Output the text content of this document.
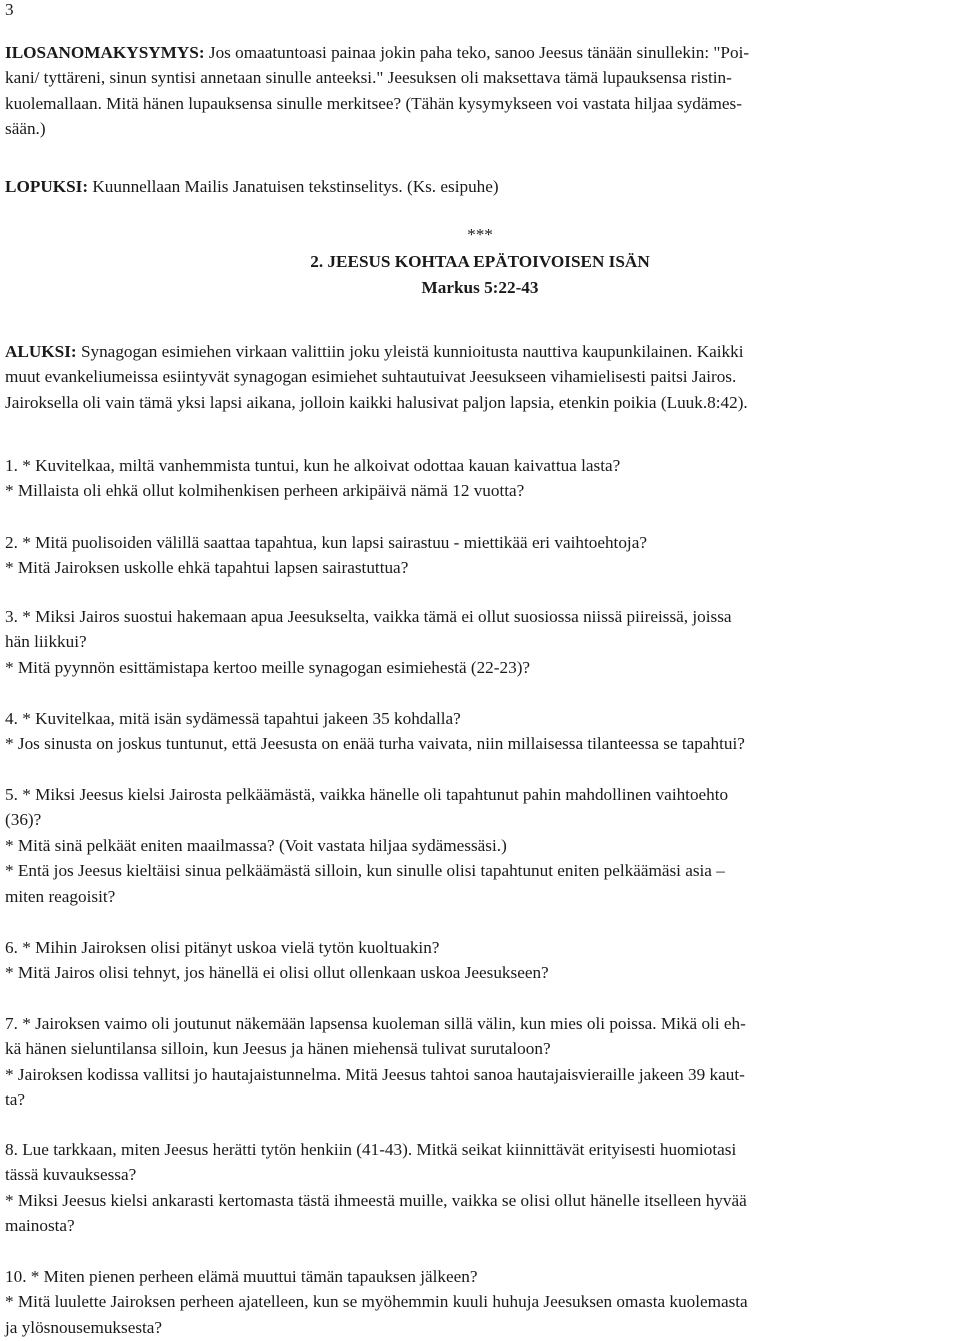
3
ILOSANOMAKYSYMYS: Jos omaatuntoasi painaa jokin paha teko, sanoo Jeesus tänään sinullekin: "Poi-
kani/ tyttäreni, sinun syntisi annetaan sinulle anteeksi." Jeesuksen oli maksettava tämä lupauksensa ristin-
kuolemallaan. Mitä hänen lupauksensa sinulle merkitsee? (Tähän kysymykseen voi vastata hiljaa sydämes-
sään.)
LOPUKSI: Kuunnellaan Mailis Janatuisen tekstinselitys. (Ks. esipuhe)
***
2. JEESUS KOHTAA EPÄTOIVOISEN ISÄN
Markus 5:22-43
ALUKSI: Synagogan esimiehen virkaan valittiin joku yleistä kunnioitusta nauttiva kaupunkilainen. Kaikki
muut evankeliumeissa esiintyvät synagogan esimiehet suhtautuivat Jeesukseen vihamielisesti paitsi Jairos.
Jairoksella oli vain tämä yksi lapsi aikana, jolloin kaikki halusivat paljon lapsia, etenkin poikia (Luuk.8:42).
1. * Kuvitelkaa, miltä vanhemmista tuntui, kun he alkoivat odottaa kauan kaivattua lasta?
* Millaista oli ehkä ollut kolmihenkisen perheen arkipäivä nämä 12 vuotta?
2. * Mitä puolisoiden välillä saattaa tapahtua, kun lapsi sairastuu - miettikää eri vaihtoehtoja?
* Mitä Jairoksen uskolle ehkä tapahtui lapsen sairastuttua?
3. * Miksi Jairos suostui hakemaan apua Jeesukselta, vaikka tämä ei ollut suosiossa niissä piireissä, joissa
hän liikkui?
* Mitä pyynnön esittämistapa kertoo meille synagogan esimiehestä (22-23)?
4. * Kuvitelkaa, mitä isän sydämessä tapahtui jakeen 35 kohdalla?
* Jos sinusta on joskus tuntunut, että Jeesusta on enää turha vaivata, niin millaisessa tilanteessa se tapahtui?
5. * Miksi Jeesus kielsi Jairosta pelkäämästä, vaikka hänelle oli tapahtunut pahin mahdollinen vaihtoehto
(36)?
* Mitä sinä pelkäät eniten maailmassa? (Voit vastata hiljaa sydämessäsi.)
* Entä jos Jeesus kieltäisi sinua pelkäämästä silloin, kun sinulle olisi tapahtunut eniten pelkäämäsi asia –
miten reagoisit?
6. * Mihin Jairoksen olisi pitänyt uskoa vielä tytön kuoltuakin?
* Mitä Jairos olisi tehnyt, jos hänellä ei olisi ollut ollenkaan uskoa Jeesukseen?
7. * Jairoksen vaimo oli joutunut näkemään lapsensa kuoleman sillä välin, kun mies oli poissa. Mikä oli eh-
kä hänen sieluntilansa silloin, kun Jeesus ja hänen miehensä tulivat surutaloon?
* Jairoksen kodissa vallitsi jo hautajaistunnelma. Mitä Jeesus tahtoi sanoa hautajaisvieraille jakeen 39 kaut-
ta?
8. Lue tarkkaan, miten Jeesus herätti tytön henkiin (41-43). Mitkä seikat kiinnittävät erityisesti huomiotasi
tässä kuvauksessa?
* Miksi Jeesus kielsi ankarasti kertomasta tästä ihmeestä muille, vaikka se olisi ollut hänelle itselleen hyvää
mainosta?
10. * Miten pienen perheen elämä muuttui tämän tapauksen jälkeen?
* Mitä luulette Jairoksen perheen ajatelleen, kun se myöhemmin kuuli huhuja Jeesuksen omasta kuolemasta
ja ylösnousemuksesta?
